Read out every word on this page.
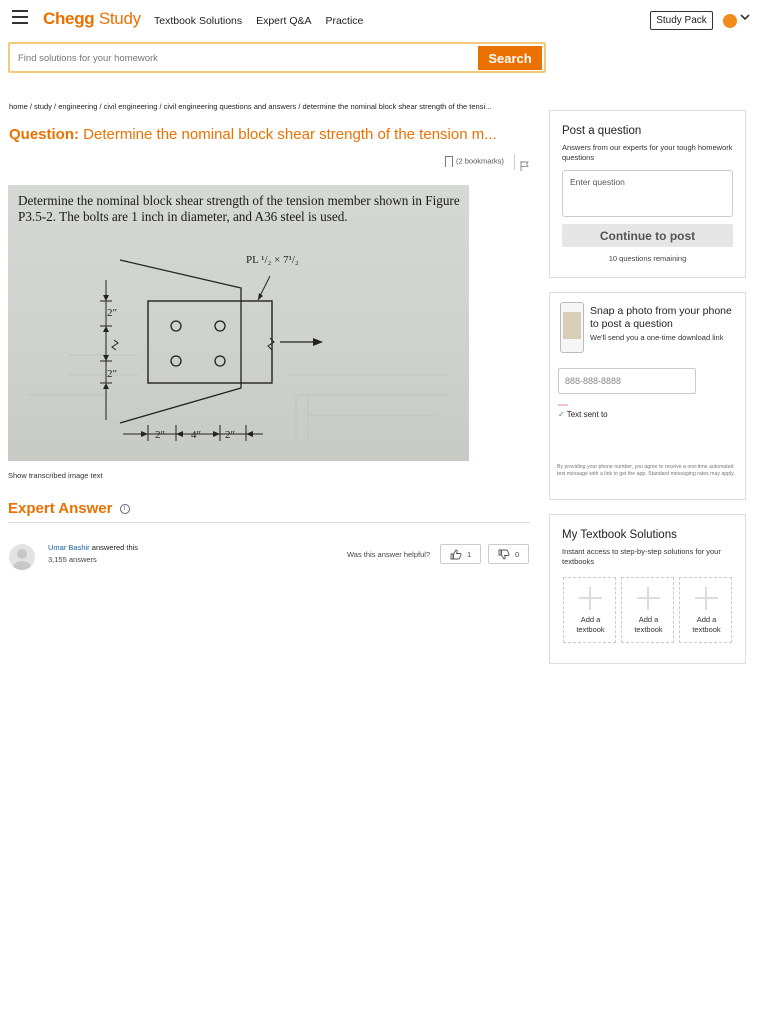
Chegg Study Textbook Solutions Expert Q&A Practice	Study Pack
Find solutions for your homework
Search
home / study / engineering / civil engineering / civil engineering questions and answers / determine the nominal block shear strength of the tensi...
Question: Determine the nominal block shear strength of the tension m...
(2 bookmarks)
Determine the nominal block shear strength of the tension member shown in Figure P3.5-2. The bolts are 1 inch in diameter, and A36 steel is used.
PL ¹/₂ × 7¹/₂
2″
2″
2″ 4″ 2″
Show transcribed image text
Expert Answer i
Umar Bashir answered this
3,155 answers
Was this answer helpful?	1	0
Post a question
Answers from our experts for your tough homework questions
Enter question
Continue to post
10 questions remaining
Snap a photo from your phone to post a question
We'll send you a one-time download link
888-888-8888
✓ Text sent to
By providing your phone number, you agree to receive a one-time automated text message with a link to get the app. Standard messaging rates may apply.
My Textbook Solutions
Instant access to step-by-step solutions for your textbooks
Add a textbook
Add a textbook
Add a textbook
